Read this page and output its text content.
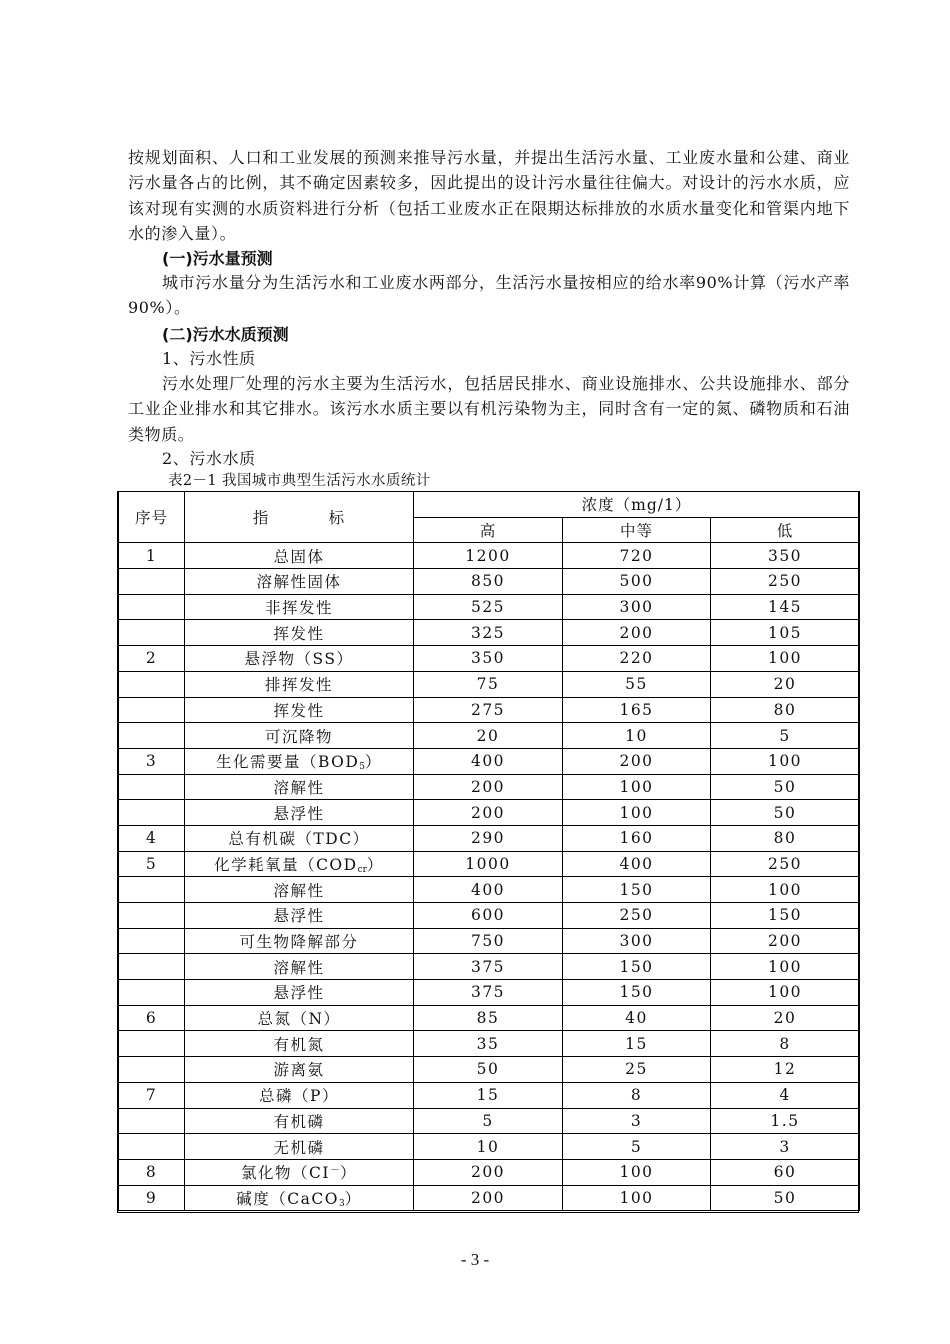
按规划面积、人口和工业发展的预测来推导污水量，并提出生活污水量、工业废水量和公建、商业污水量各占的比例，其不确定因素较多，因此提出的设计污水量往往偏大。对设计的污水水质，应该对现有实测的水质资料进行分析（包括工业废水正在限期达标排放的水质水量变化和管渠内地下水的渗入量）。

(一)污水量预测

城市污水量分为生活污水和工业废水两部分，生活污水量按相应的给水率90%计算（污水产率90%）。

(二)污水水质预测

1、污水性质

污水处理厂处理的污水主要为生活污水，包括居民排水、商业设施排水、公共设施排水、部分工业企业排水和其它排水。该污水水质主要以有机污染物为主，同时含有一定的氮、磷物质和石油类物质。

2、污水水质

表2－1 我国城市典型生活污水水质统计

序号	指          标	浓度（mg/1）		
		高	中等	低
1	总固体	1200	720	350
	溶解性固体	850	500	250
	非挥发性	525	300	145
	挥发性	325	200	105
2	悬浮物（SS）	350	220	100
	排挥发性	75	55	20
	挥发性	275	165	80
	可沉降物	20	10	5
3	生化需要量$(BOD_5)$	400	200	100
	溶解性	200	100	50
	悬浮性	200	100	50
4	总有机碳（TDC）	290	160	80
5	化学耗氧量$(COD_{cr})$	1000	400	250
	溶解性	400	150	100
	悬浮性	600	250	150
	可生物降解部分	750	300	200
	溶解性	375	150	100
	悬浮性	375	150	100
6	总氮（N）	85	40	20
	有机氮	35	15	8
	游离氨	50	25	12
7	总磷（P）	15	8	4
	有机磷	5	3	1.5
	无机磷	10	5	3
8	氯化物（CI－）	200	100	60
9	碱度（CaCO$_3$）	200	100	50

- 3 -
